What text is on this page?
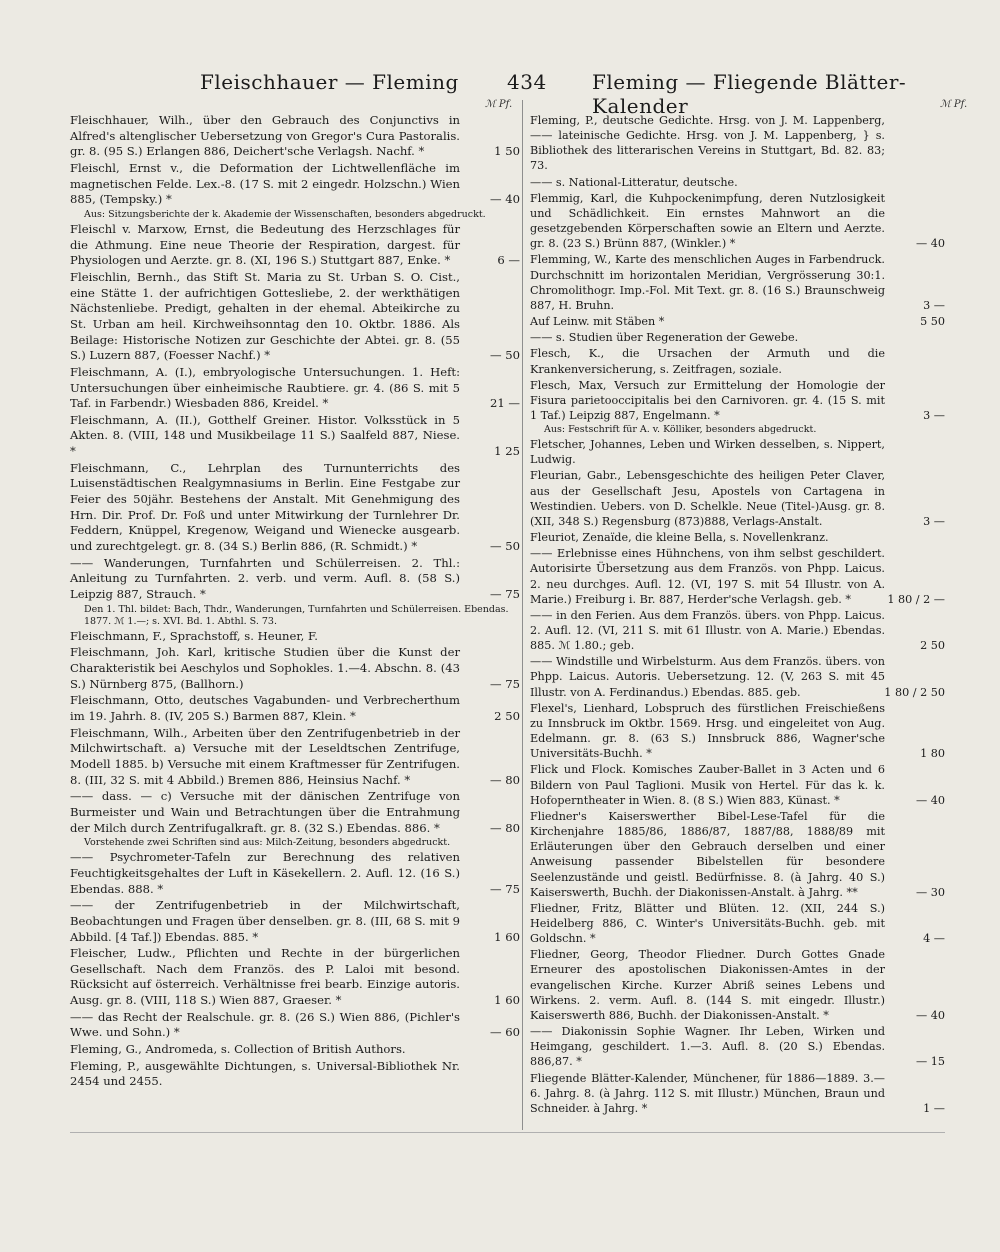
Fleischhauer — Fleming 434 Fleming — Fliegende Blätter-Kalender
ℳ Pf.	ℳ Pf.
Fleischhauer, Wilh., über den Gebrauch des Conjunctivs in Alfred's altenglischer Uebersetzung von Gregor's Cura Pastoralis. gr. 8. (95 S.) Erlangen 886, Deichert'sche Verlagsh. Nachf. *	1 50
Fleischl, Ernst v., die Deformation der Lichtwellenfläche im magnetischen Felde. Lex.-8. (17 S. mit 2 eingedr. Holzschn.) Wien 885, (Tempsky.) *	— 40
Aus: Sitzungsberichte der k. Akademie der Wissenschaften, besonders abgedruckt.
Fleischl v. Marxow, Ernst, die Bedeutung des Herzschlages für die Athmung. Eine neue Theorie der Respiration, dargest. für Physiologen und Aerzte. gr. 8. (XI, 196 S.) Stuttgart 887, Enke. *	6 —
Fleischlin, Bernh., das Stift St. Maria zu St. Urban S. O. Cist., eine Stätte 1. der aufrichtigen Gottesliebe, 2. der werkthätigen Nächstenliebe. Predigt, gehalten in der ehemal. Abteikirche zu St. Urban am heil. Kirchweihsonntag den 10. Oktbr. 1886. Als Beilage: Historische Notizen zur Geschichte der Abtei. gr. 8. (55 S.) Luzern 887, (Foesser Nachf.) *	— 50
Fleischmann, A. (I.), embryologische Untersuchungen. 1. Heft: Untersuchungen über einheimische Raubtiere. gr. 4. (86 S. mit 5 Taf. in Farbendr.) Wiesbaden 886, Kreidel. *	21 —
Fleischmann, A. (II.), Gotthelf Greiner. Histor. Volksstück in 5 Akten. 8. (VIII, 148 und Musikbeilage 11 S.) Saalfeld 887, Niese. *	1 25
Fleischmann, C., Lehrplan des Turnunterrichts des Luisenstädtischen Realgymnasiums in Berlin. Eine Festgabe zur Feier des 50jähr. Bestehens der Anstalt. Mit Genehmigung des Hrn. Dir. Prof. Dr. Foß und unter Mitwirkung der Turnlehrer Dr. Feddern, Knüppel, Kregenow, Weigand und Wienecke ausgearb. und zurechtgelegt. gr. 8. (34 S.) Berlin 886, (R. Schmidt.) *	— 50
—— Wanderungen, Turnfahrten und Schülerreisen. 2. Thl.: Anleitung zu Turnfahrten. 2. verb. und verm. Aufl. 8. (58 S.) Leipzig 887, Strauch. *	— 75
Den 1. Thl. bildet: Bach, Thdr., Wanderungen, Turnfahrten und Schülerreisen. Ebendas. 1877. ℳ 1.—; s. XVI. Bd. 1. Abthl. S. 73.
Fleischmann, F., Sprachstoff, s. Heuner, F.
Fleischmann, Joh. Karl, kritische Studien über die Kunst der Charakteristik bei Aeschylos und Sophokles. 1.—4. Abschn. 8. (43 S.) Nürnberg 875, (Ballhorn.)	— 75
Fleischmann, Otto, deutsches Vagabunden- und Verbrecherthum im 19. Jahrh. 8. (IV, 205 S.) Barmen 887, Klein. *	2 50
Fleischmann, Wilh., Arbeiten über den Zentrifugenbetrieb in der Milchwirtschaft. a) Versuche mit der Leseldtschen Zentrifuge, Modell 1885. b) Versuche mit einem Kraftmesser für Zentrifugen. 8. (III, 32 S. mit 4 Abbild.) Bremen 886, Heinsius Nachf. *	— 80
—— dass. — c) Versuche mit der dänischen Zentrifuge von Burmeister und Wain und Betrachtungen über die Entrahmung der Milch durch Zentrifugalkraft. gr. 8. (32 S.) Ebendas. 886. *	— 80
Vorstehende zwei Schriften sind aus: Milch-Zeitung, besonders abgedruckt.
—— Psychrometer-Tafeln zur Berechnung des relativen Feuchtigkeitsgehaltes der Luft in Käsekellern. 2. Aufl. 12. (16 S.) Ebendas. 888. *	— 75
—— der Zentrifugenbetrieb in der Milchwirtschaft, Beobachtungen und Fragen über denselben. gr. 8. (III, 68 S. mit 9 Abbild. [4 Taf.]) Ebendas. 885. *	1 60
Fleischer, Ludw., Pflichten und Rechte in der bürgerlichen Gesellschaft. Nach dem Französ. des P. Laloi mit besond. Rücksicht auf österreich. Verhältnisse frei bearb. Einzige autoris. Ausg. gr. 8. (VIII, 118 S.) Wien 887, Graeser. *	1 60
—— das Recht der Realschule. gr. 8. (26 S.) Wien 886, (Pichler's Wwe. und Sohn.) *	— 60
Fleming, G., Andromeda, s. Collection of British Authors.
Fleming, P., ausgewählte Dichtungen, s. Universal-Bibliothek Nr. 2454 und 2455.
Fleming, P., deutsche Gedichte. Hrsg. von J. M. Lappenberg, —— lateinische Gedichte. Hrsg. von J. M. Lappenberg, } s. Bibliothek des litterarischen Vereins in Stuttgart, Bd. 82. 83; 73.
—— s. National-Litteratur, deutsche.
Flemmig, Karl, die Kuhpockenimpfung, deren Nutzlosigkeit und Schädlichkeit. Ein ernstes Mahnwort an die gesetzgebenden Körperschaften sowie an Eltern und Aerzte. gr. 8. (23 S.) Brünn 887, (Winkler.) *	— 40
Flemming, W., Karte des menschlichen Auges in Farbendruck. Durchschnitt im horizontalen Meridian, Vergrösserung 30:1. Chromolithogr. Imp.-Fol. Mit Text. gr. 8. (16 S.) Braunschweig 887, H. Bruhn.	3 —
Auf Leinw. mit Stäben *	5 50
—— s. Studien über Regeneration der Gewebe.
Flesch, K., die Ursachen der Armuth und die Krankenversicherung, s. Zeitfragen, soziale.
Flesch, Max, Versuch zur Ermittelung der Homologie der Fisura parietooccipitalis bei den Carnivoren. gr. 4. (15 S. mit 1 Taf.) Leipzig 887, Engelmann. *	3 —
Aus: Festschrift für A. v. Kölliker, besonders abgedruckt.
Fletscher, Johannes, Leben und Wirken desselben, s. Nippert, Ludwig.
Fleurian, Gabr., Lebensgeschichte des heiligen Peter Claver, aus der Gesellschaft Jesu, Apostels von Cartagena in Westindien. Uebers. von D. Schelkle. Neue (Titel-)Ausg. gr. 8. (XII, 348 S.) Regensburg (873)888, Verlags-Anstalt.	3 —
Fleuriot, Zenaïde, die kleine Bella, s. Novellenkranz.
—— Erlebnisse eines Hühnchens, von ihm selbst geschildert. Autorisirte Übersetzung aus dem Französ. von Phpp. Laicus. 2. neu durchges. Aufl. 12. (VI, 197 S. mit 54 Illustr. von A. Marie.) Freiburg i. Br. 887, Herder'sche Verlagsh. geb. *	1 80 / 2 —
—— in den Ferien. Aus dem Französ. übers. von Phpp. Laicus. 2. Aufl. 12. (VI, 211 S. mit 61 Illustr. von A. Marie.) Ebendas. 885. ℳ 1.80.; geb.	2 50
—— Windstille und Wirbelsturm. Aus dem Französ. übers. von Phpp. Laicus. Autoris. Uebersetzung. 12. (V, 263 S. mit 45 Illustr. von A. Ferdinandus.) Ebendas. 885. geb.	1 80 / 2 50
Flexel's, Lienhard, Lobspruch des fürstlichen Freischießens zu Innsbruck im Oktbr. 1569. Hrsg. und eingeleitet von Aug. Edelmann. gr. 8. (63 S.) Innsbruck 886, Wagner'sche Universitäts-Buchh. *	1 80
Flick und Flock. Komisches Zauber-Ballet in 3 Acten und 6 Bildern von Paul Taglioni. Musik von Hertel. Für das k. k. Hofoperntheater in Wien. 8. (8 S.) Wien 883, Künast. *	— 40
Fliedner's Kaiserswerther Bibel-Lese-Tafel für die Kirchenjahre 1885/86, 1886/87, 1887/88, 1888/89 mit Erläuterungen über den Gebrauch derselben und einer Anweisung passender Bibelstellen für besondere Seelenzustände und geistl. Bedürfnisse. 8. (à Jahrg. 40 S.) Kaiserswerth, Buchh. der Diakonissen-Anstalt. à Jahrg. **	— 30
Fliedner, Fritz, Blätter und Blüten. 12. (XII, 244 S.) Heidelberg 886, C. Winter's Universitäts-Buchh. geb. mit Goldschn. *	4 —
Fliedner, Georg, Theodor Fliedner. Durch Gottes Gnade Erneurer des apostolischen Diakonissen-Amtes in der evangelischen Kirche. Kurzer Abriß seines Lebens und Wirkens. 2. verm. Aufl. 8. (144 S. mit eingedr. Illustr.) Kaiserswerth 886, Buchh. der Diakonissen-Anstalt. *	— 40
—— Diakonissin Sophie Wagner. Ihr Leben, Wirken und Heimgang, geschildert. 1.—3. Aufl. 8. (20 S.) Ebendas. 886,87. *	— 15
Fliegende Blätter-Kalender, Münchener, für 1886—1889. 3.—6. Jahrg. 8. (à Jahrg. 112 S. mit Illustr.) München, Braun und Schneider. à Jahrg. *	1 —
